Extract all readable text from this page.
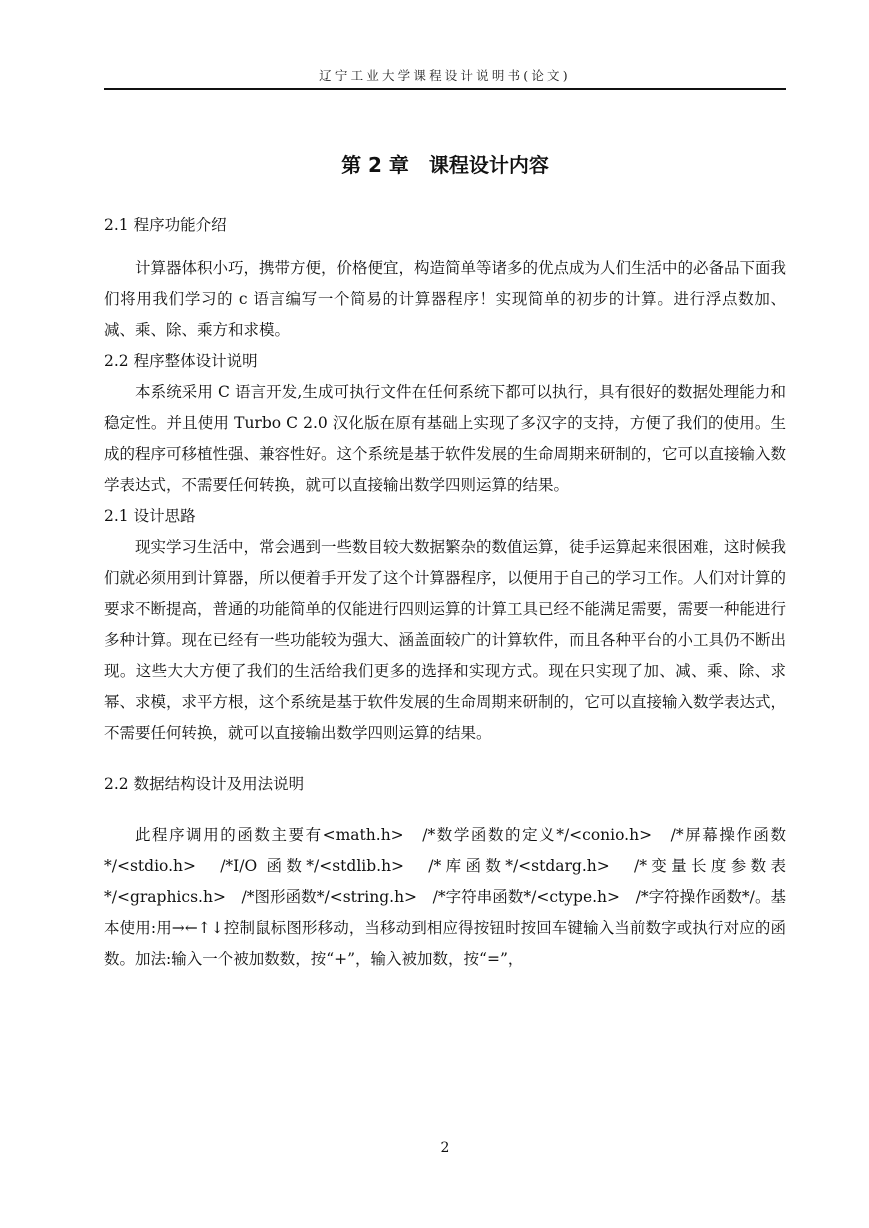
辽宁工业大学课程设计说明书(论文)
第 2 章　课程设计内容
2.1 程序功能介绍

计算器体积小巧，携带方便，价格便宜，构造简单等诸多的优点成为人们生活中的必备品下面我们将用我们学习的 c 语言编写一个简易的计算器程序！实现简单的初步的计算。进行浮点数加、减、乘、除、乘方和求模。

2.2 程序整体设计说明

本系统采用 C 语言开发,生成可执行文件在任何系统下都可以执行，具有很好的数据处理能力和稳定性。并且使用 Turbo C 2.0 汉化版在原有基础上实现了多汉字的支持，方便了我们的使用。生成的程序可移植性强、兼容性好。这个系统是基于软件发展的生命周期来研制的，它可以直接输入数学表达式，不需要任何转换，就可以直接输出数学四则运算的结果。

2.1 设计思路

现实学习生活中，常会遇到一些数目较大数据繁杂的数值运算，徒手运算起来很困难，这时候我们就必须用到计算器，所以便着手开发了这个计算器程序，以便用于自己的学习工作。人们对计算的要求不断提高，普通的功能简单的仅能进行四则运算的计算工具已经不能满足需要，需要一种能进行多种计算。现在已经有一些功能较为强大、涵盖面较广的计算软件，而且各种平台的小工具仍不断出现。这些大大方便了我们的生活给我们更多的选择和实现方式。现在只实现了加、减、乘、除、求幂、求模，求平方根，这个系统是基于软件发展的生命周期来研制的，它可以直接输入数学表达式，不需要任何转换，就可以直接输出数学四则运算的结果。

2.2 数据结构设计及用法说明

此程序调用的函数主要有<math.h>　/*数学函数的定义*/<conio.h>　/*屏幕操作函数*/<stdio.h>　/*I/O 函数*/<stdlib.h>　/*库函数*/<stdarg.h>　/*变量长度参数表*/<graphics.h>　/*图形函数*/<string.h>　/*字符串函数*/<ctype.h>　/*字符操作函数*/。基本使用:用→←↑↓控制鼠标图形移动，当移动到相应得按钮时按回车键输入当前数字或执行对应的函数。加法:输入一个被加数数，按“+”，输入被加数，按“=”，

2
